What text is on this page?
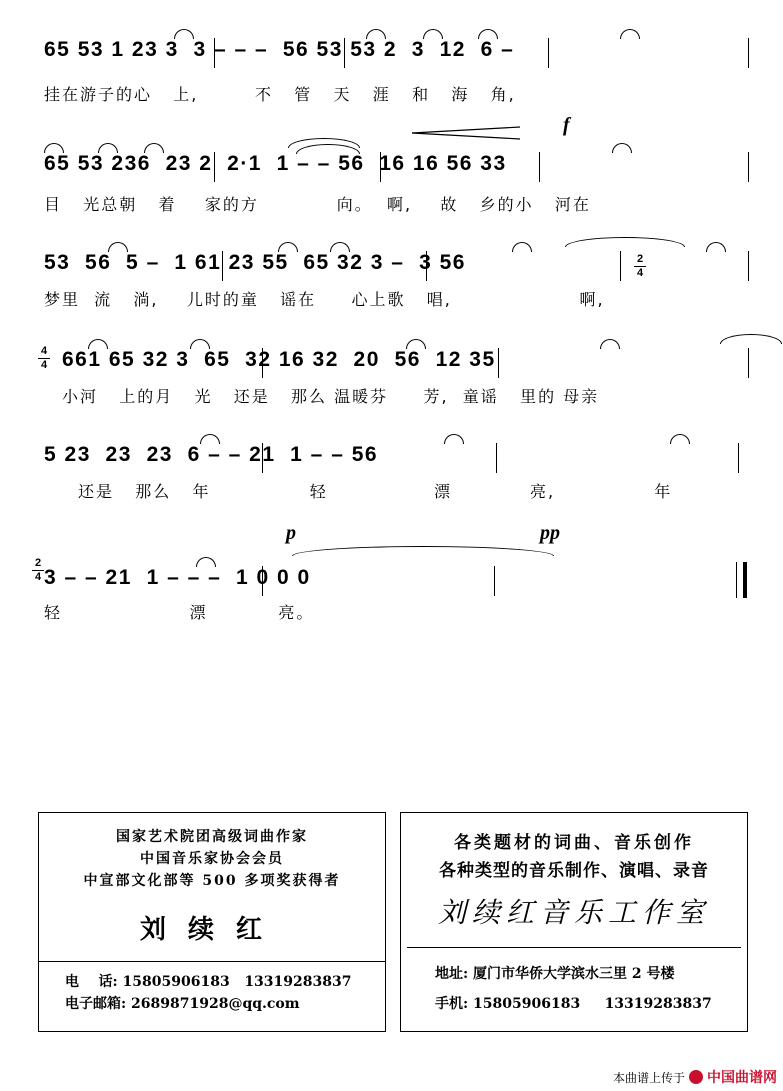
65 53 1 23 3  3 – – –  56 53 53 2  3  12  6 –
挂在游子的心   上,        不   管   天   涯   和   海   角,
65 53 236  23 2  2·1  1 – – 56  16 16 56 33
目   光总朝   着    家的方           向。  啊,    故   乡的小   河在
f
53  56  5 –  1 61 23 55  65 32 3 –  3 56
梦里  流   淌,    儿时的童   谣在     心上歌   唱,                  啊,
2
4
4
4 661 65 32 3  65  32 16 32  20  56  12 35
小河   上的月   光   还是   那么 温暖芬     芳,  童谣   里的 母亲
5 23  23  23  6 – – 21  1 – – 56
还是   那么   年              轻               漂           亮,              年
2
4 3 – – 21  1 – – –  1 0 0 0
轻                  漂          亮。
p	pp
国家艺术院团高级词曲作家
中国音乐家协会会员
中宣部文化部等 500 多项奖获得者
刘续红
电    话: 15805906183   13319283837
电子邮箱: 2689871928@qq.com
各类题材的词曲、音乐创作
各种类型的音乐制作、演唱、录音
刘续红音乐工作室
地址: 厦门市华侨大学滨水三里 2 号楼
手机: 15805906183     13319283837
本曲谱上传于 中国曲谱网
